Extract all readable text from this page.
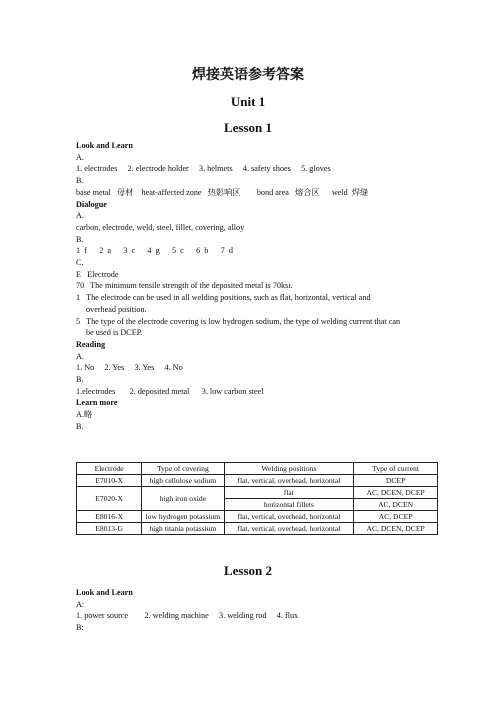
焊接英语参考答案
Unit 1
Lesson 1
Look and Learn
A.
1. electrodes     2. electrode holder     3. helmets     4. safety shoes     5. gloves
B.
base metal   母材    heat-affected zone   热影响区        bond area   熔合区      weld  焊缝
Dialogue
A.
carbon, electrode, weld, steel, fillet, covering, alloy
B.
1  f      2  a      3  c      4  g      5  c      6  b      7  d
C.
E   Electrode
70   The minimum tensile strength of the deposited metal is 70ksi.
1   The electrode can be used in all welding positions, such as flat, horizontal, vertical and
overhead position.
5   The type of the electrode covering is low hydrogen sodium, the type of welding current that can
be used is DCEP.
Reading
A.
1. No     2. Yes     3. Yes     4. No
B.
1.electrodes       2. deposited metal      3. low carbon steel
Learn more
A.略
B.
Electrode	Type of covering	Welding positions	Type of current
E7010-X	high cellulose sodium	flat, vertical, overhead, horizontal	DCEP
E7020-X	high iron oxide	flat	AC, DCEN, DCEP
		horizontal fillets	AC, DCEN
E8016-X	low hydrogen potassium	flat, vertical, overhead, horizontal	AC, DCEP
E8013-G	high titania potassium	flat, vertical, overhead, horizontal	AC, DCEN, DCEP
Lesson 2
Look and Learn
A:
1. power source        2. welding machine     3. welding rod     4. flux
B:
